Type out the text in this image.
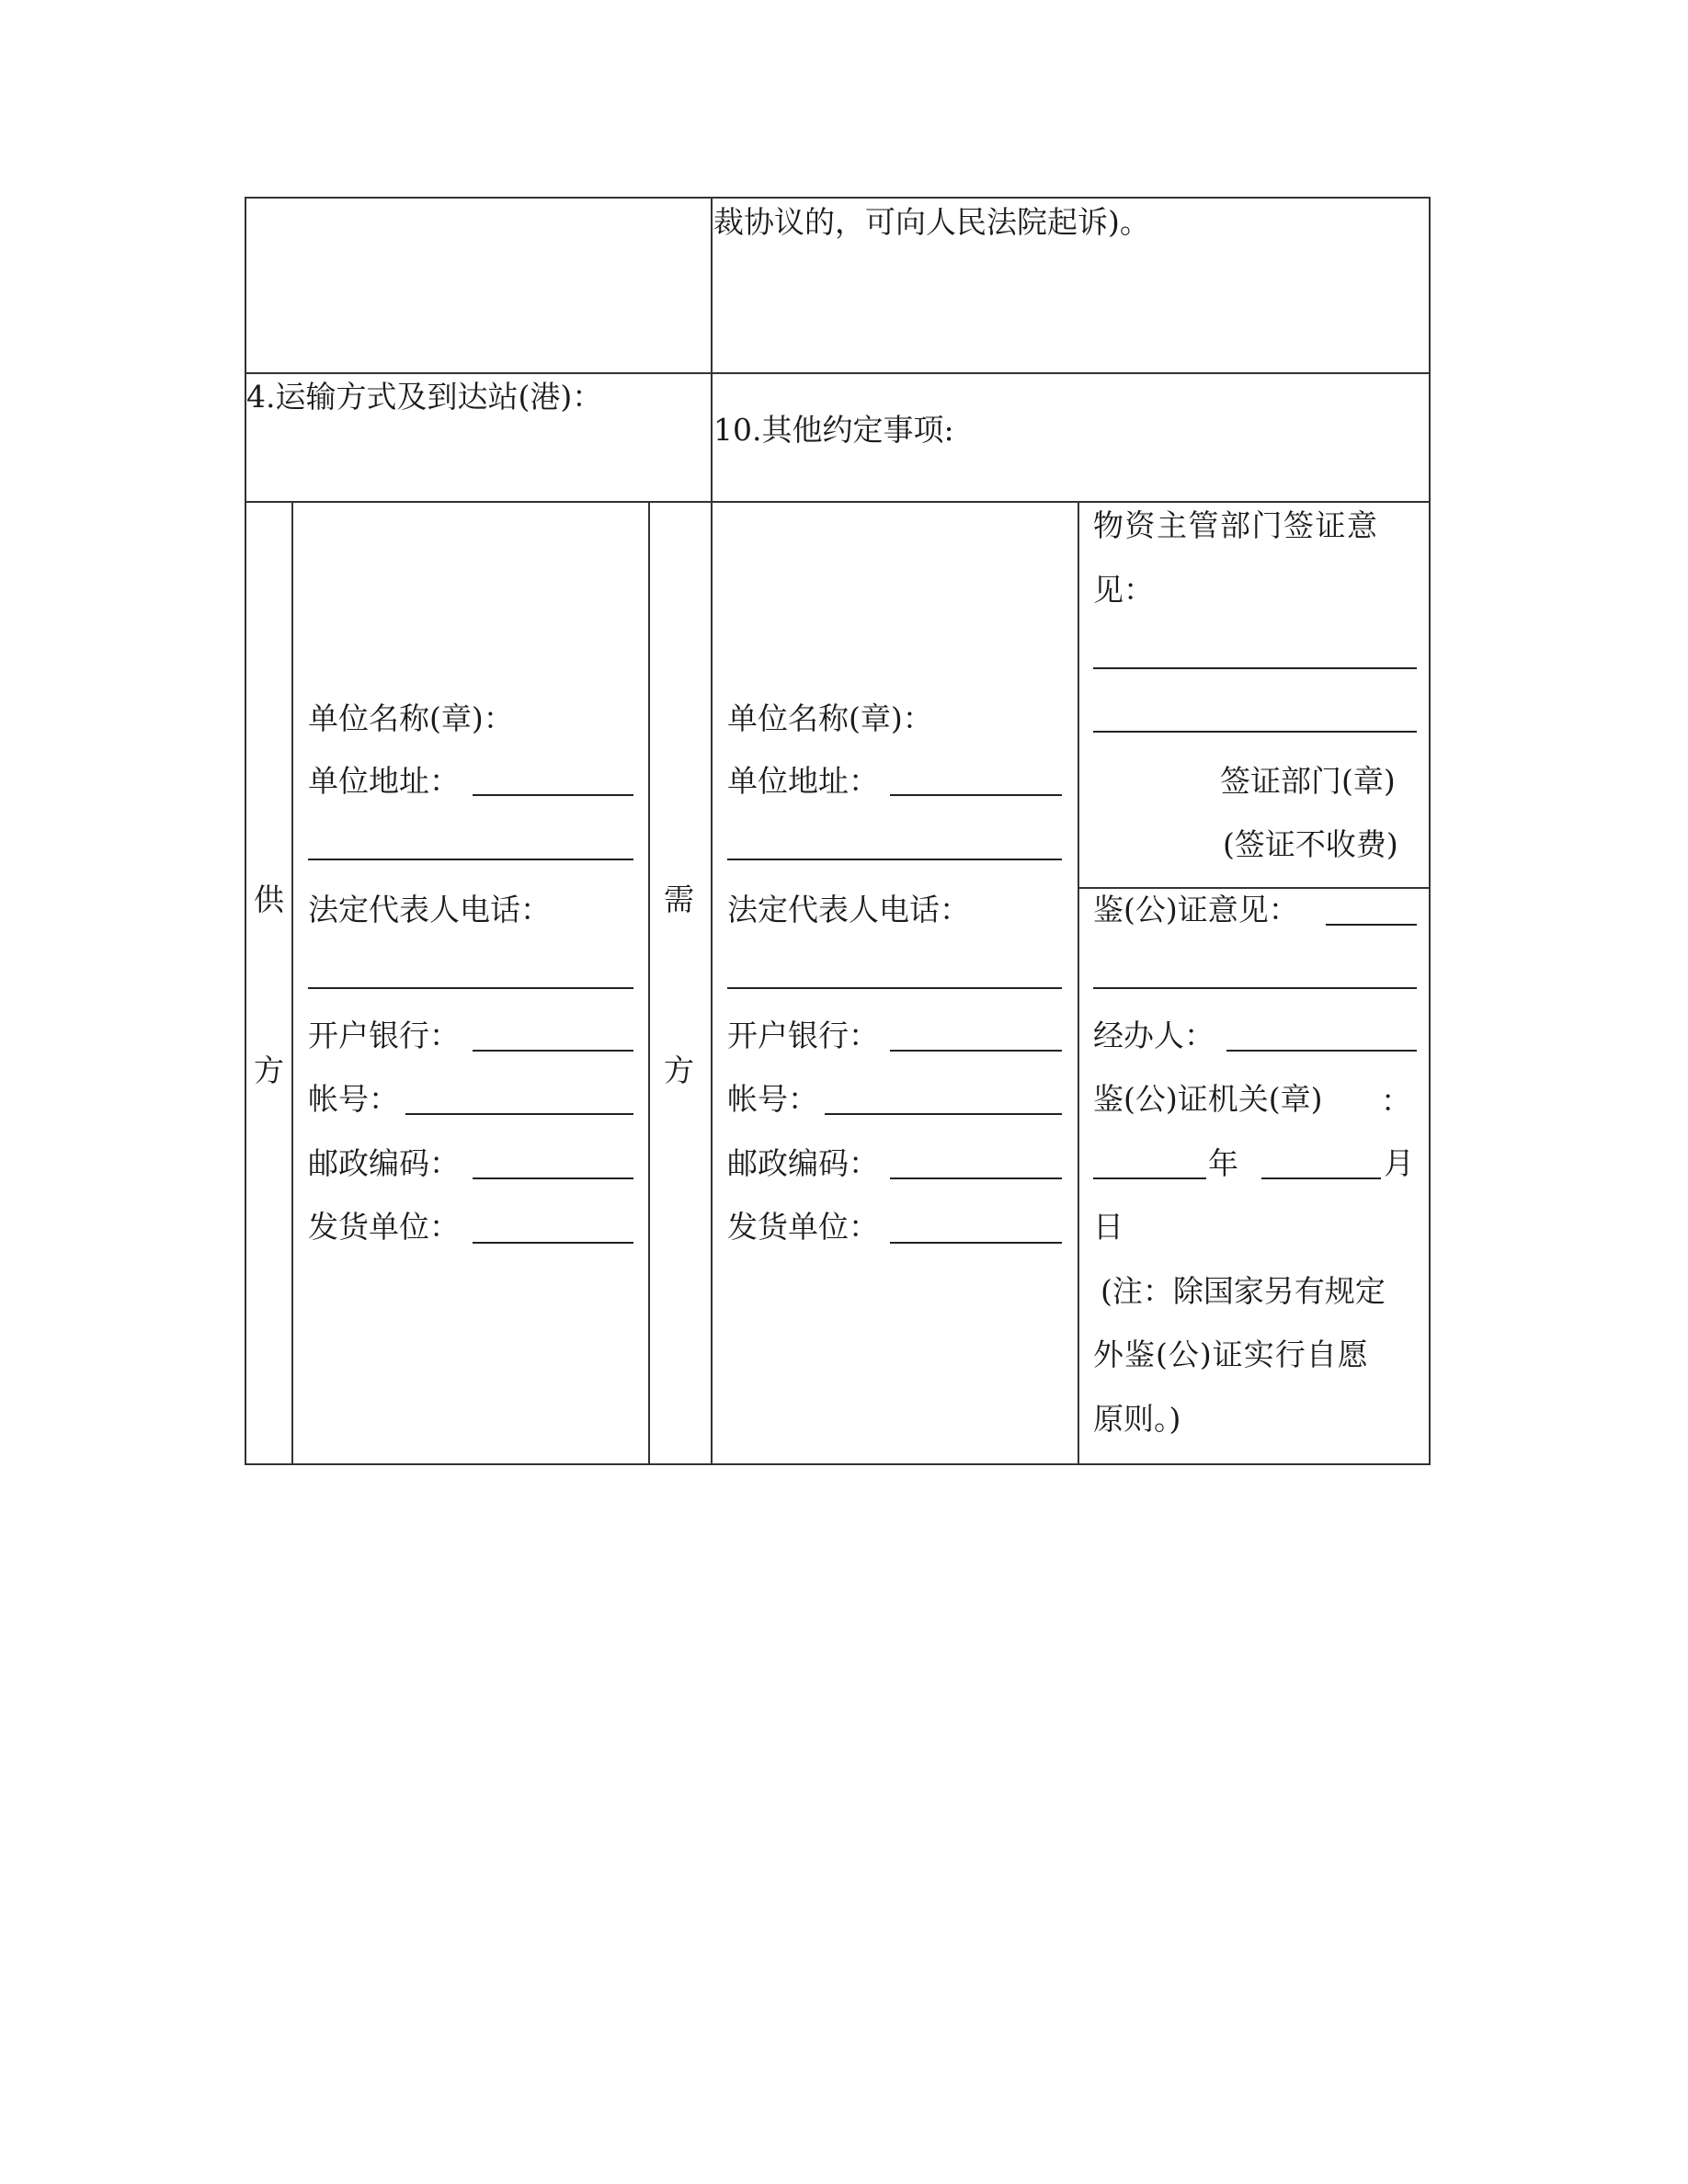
裁协议的，可向人民法院起诉)。
4.运输方式及到达站(港)：
10.其他约定事项:
供
方
单位名称(章)：
单位地址：
法定代表人电话：
开户银行：
帐号：
邮政编码：
发货单位：
需
方
单位名称(章)：
单位地址：
法定代表人电话：
开户银行：
帐号：
邮政编码：
发货单位：
物资主管部门签证意
见：
签证部门(章)
(签证不收费)
鉴(公)证意见：
经办人：
鉴(公)证机关(章) ：
年	月
日
(注：除国家另有规定
外鉴(公)证实行自愿
原则。)
